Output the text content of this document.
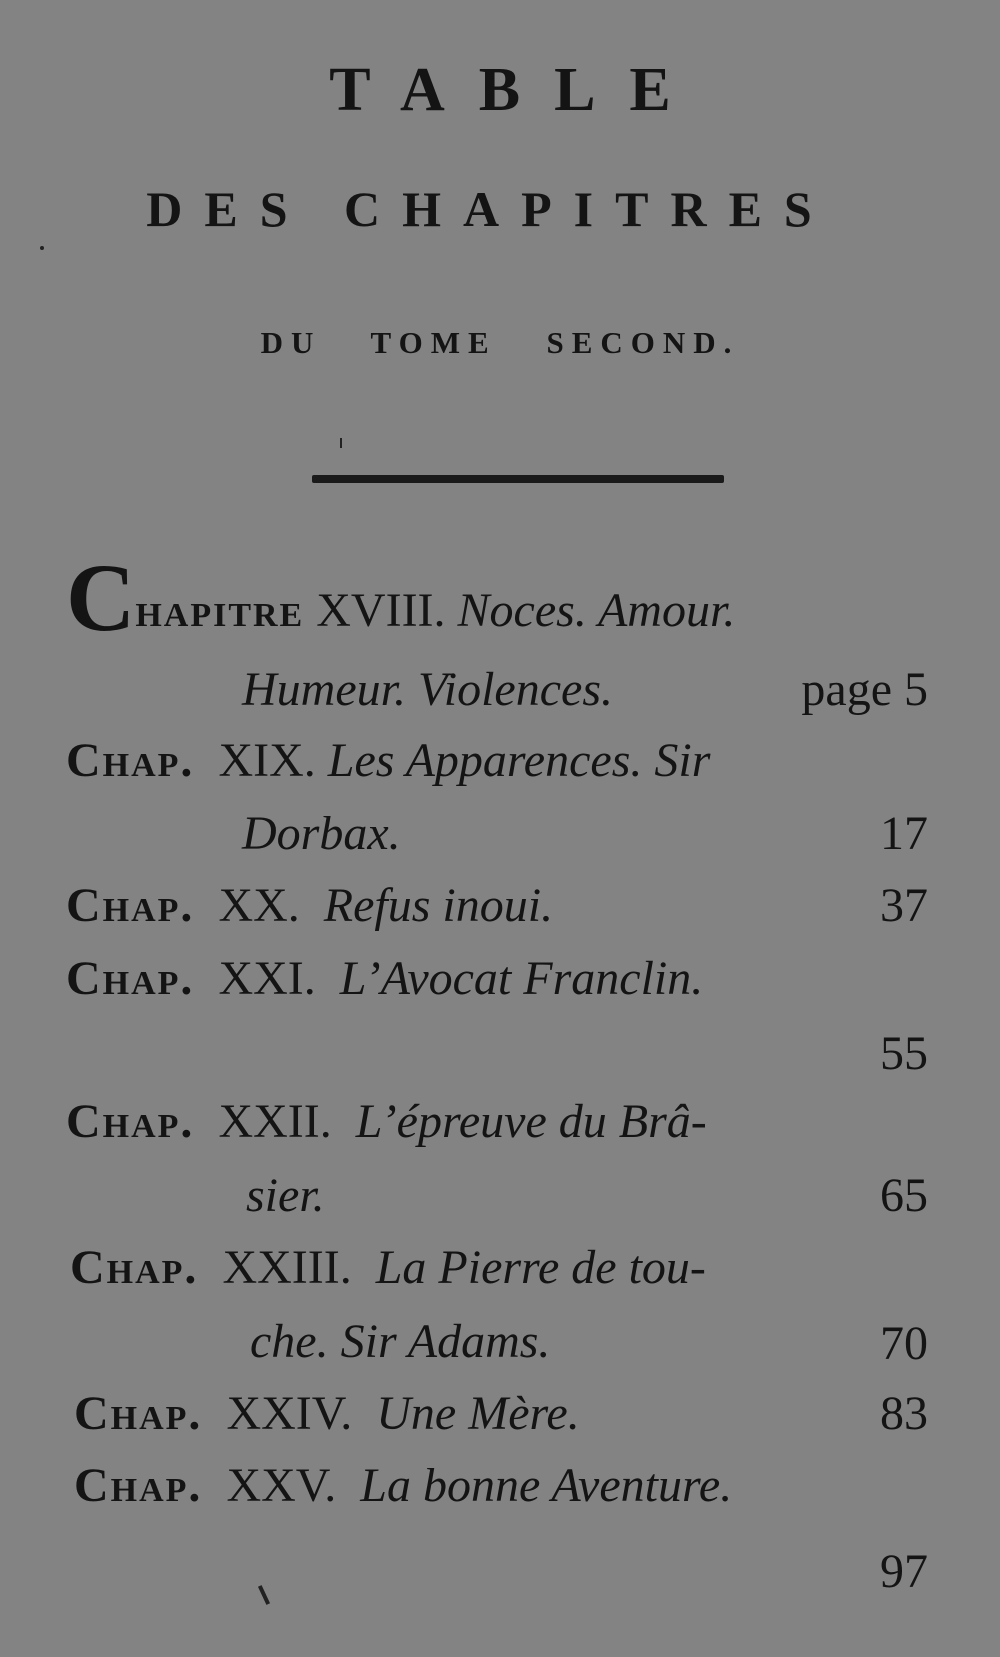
TABLE
DES CHAPITRES
DU TOME SECOND.
Chapitre XVIII. Noces. Amour.
Humeur. Violences.	page 5
Chap. XIX. Les Apparences. Sir
Dorbax.	17
Chap. XX. Refus inoui.	37
Chap. XXI. L’Avocat Franclin.
55
Chap. XXII. L’épreuve du Brâ-
sier.	65
Chap. XXIII. La Pierre de tou-
che. Sir Adams.	70
Chap. XXIV. Une Mère.	83
Chap. XXV. La bonne Aventure.
97
